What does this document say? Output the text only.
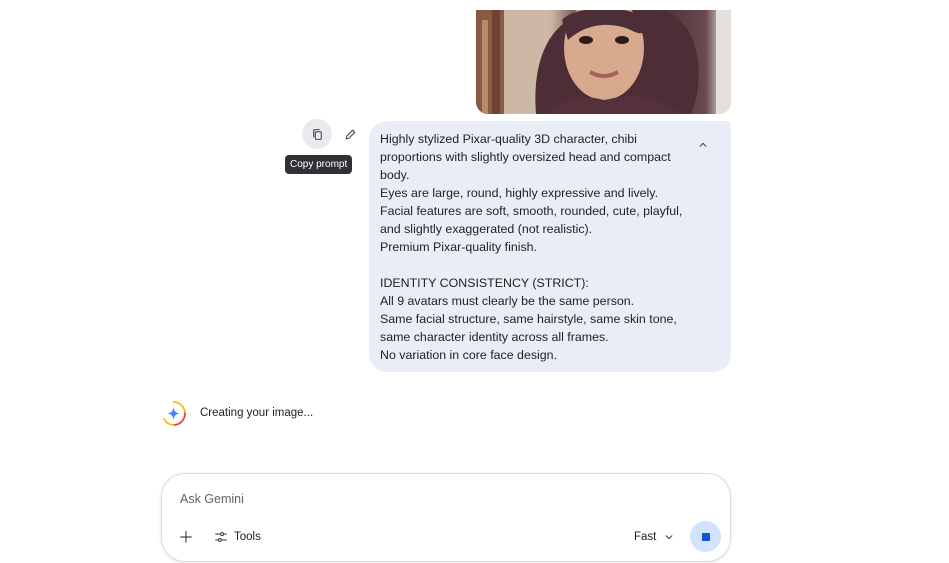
Copy prompt
Highly stylized Pixar-quality 3D character, chibi
proportions with slightly oversized head and compact
body.
Eyes are large, round, highly expressive and lively.
Facial features are soft, smooth, rounded, cute, playful,
and slightly exaggerated (not realistic).
Premium Pixar-quality finish.
IDENTITY CONSISTENCY (STRICT):
All 9 avatars must clearly be the same person.
Same facial structure, same hairstyle, same skin tone,
same character identity across all frames.
No variation in core face design.
Creating your image...
Ask Gemini
Tools	Fast
